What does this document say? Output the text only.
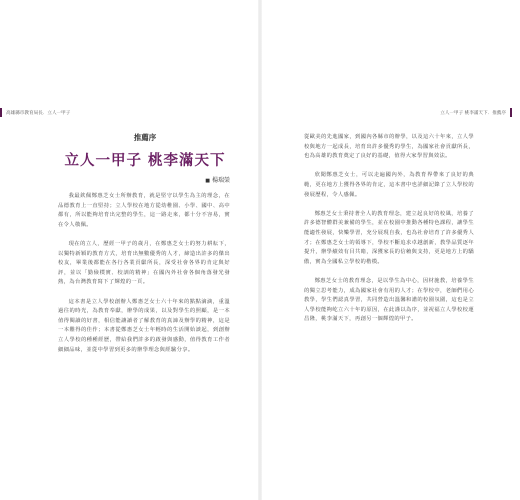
高雄縣市教育局長．立人一甲子
推薦序
立人一甲子 桃李滿天下
■ 楊瑞榮

我最欽佩鄭惠芝女士所辦教育，就是堅守以學生為主的理念，在品德教育上一直堅持；立人學校在地方從幼稚園、小學、國中、高中都有，所以能夠培育出完整的學生，這一路走來，都十分不容易，實在令人敬佩。

現在的立人，歷經一甲子的歲月，在鄭惠芝女士的努力耕耘下，以獨特新穎的教育方式，培育出無數優秀的人才，締造出許多的傑出校友，畢業後都能在各行各業貢獻所長，深受社會各界的肯定與好評，並以「勤儉樸實、校訓的精神」在國內外社會各個角落發光發熱，為台灣教育寫下了輝煌的一頁。

這本書是立人學校創辦人鄭惠芝女士六十年來的點點滴滴，重溫過往的時光，為教育奉獻，辦學的成果，以及對學生的照顧，是一本值得閱讀的好書，相信能讓讀者了解教育的真諦及辦學的精神，這是一本難得的佳作；本書從鄭惠芝女士年輕時的生活開始談起，到創辦立人學校的種種經歷，帶給我們許多的啟發與感動，值得教育工作者細細品味，並從中學習到更多的辦學理念與經驗分享。

立人一甲子 桃李滿天下．推薦序

從歐美的先進國家，到國內各縣市的辦學，以及這六十年來，立人學校與地方一起成長，培育出許多優秀的學生，為國家社會貢獻所長，也為高雄的教育奠定了良好的基礎，值得大家學習與效法。

欣聞鄭惠芝女士，可以走遍國內外，為教育界帶來了良好的典範，更在地方上獲得各界的肯定，這本書中也詳細記錄了立人學校的發展歷程，令人感佩。

鄭惠芝女士秉持著全人的教育理念，建立起良好的校風，培養了許多德智體群美兼備的學生，並在校園中推動各種特色課程，讓學生能適性發展，快樂學習，充分展現自我，也為社會培育了許多優秀人才；在鄭惠芝女士的領導下，學校不斷追求卓越創新，教學品質逐年提升，辦學績效有目共睹，深獲家長的信賴與支持，更是地方上的驕傲，實為全國私立學校的楷模。

鄭惠芝女士的教育理念，是以學生為中心，因材施教，培養學生的獨立思考能力，成為國家社會有用的人才；在學校中，老師們用心教學，學生們認真學習，共同營造出溫馨和諧的校園氛圍，這也是立人學校能夠屹立六十年的原因，在此謹以為序，並祝福立人學校校運昌隆，桃李滿天下，再創另一個輝煌的甲子。
